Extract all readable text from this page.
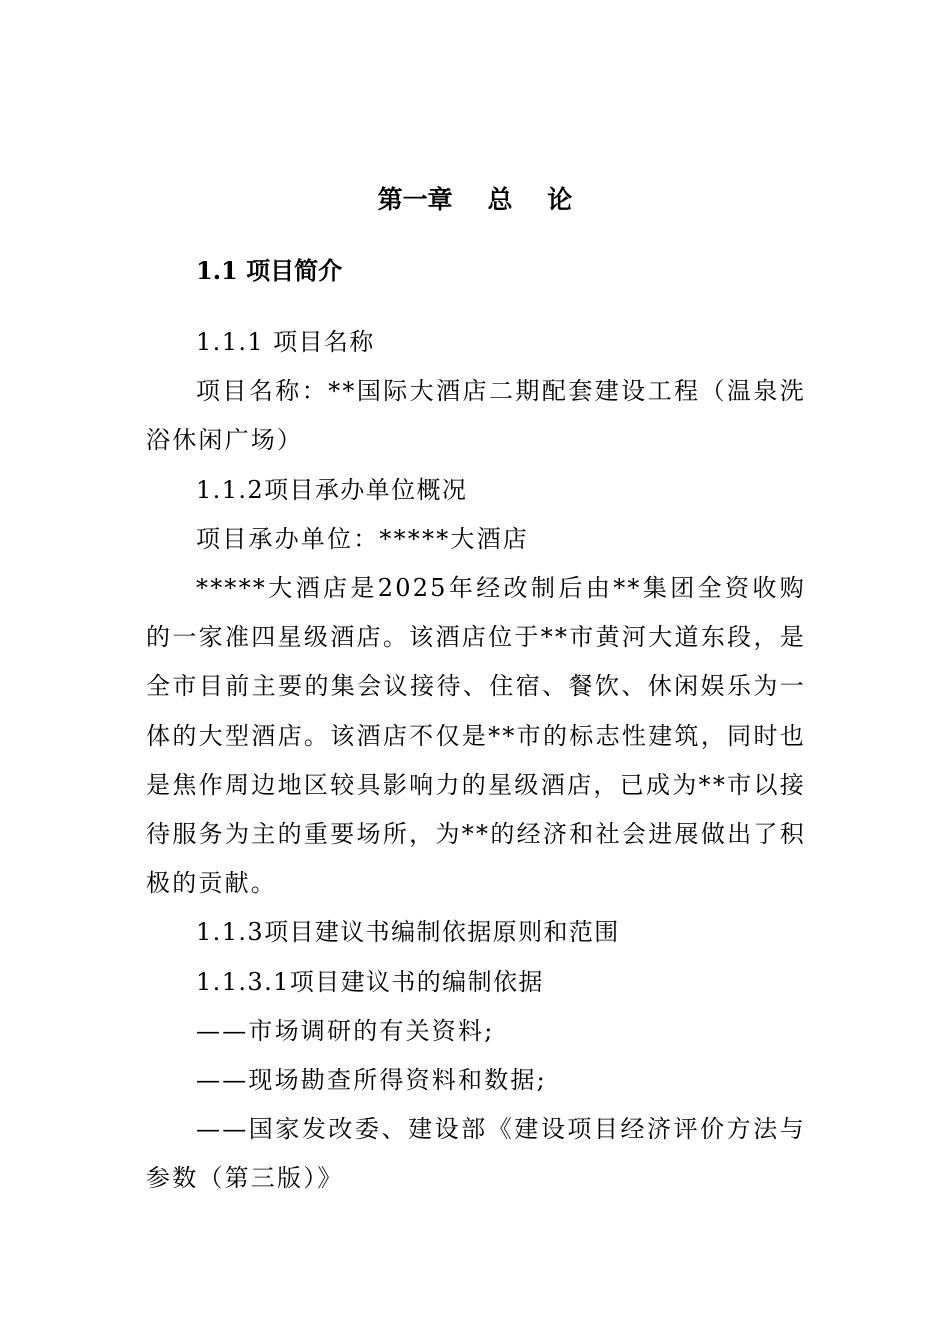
第一章    总    论
1.1 项目简介

1.1.1 项目名称

项目名称：**国际大酒店二期配套建设工程（温泉洗浴休闲广场）

1.1.2项目承办单位概况

项目承办单位：*****大酒店

*****大酒店是2025年经改制后由**集团全资收购的一家准四星级酒店。该酒店位于**市黄河大道东段，是全市目前主要的集会议接待、住宿、餐饮、休闲娱乐为一体的大型酒店。该酒店不仅是**市的标志性建筑，同时也是焦作周边地区较具影响力的星级酒店，已成为**市以接待服务为主的重要场所，为**的经济和社会进展做出了积极的贡献。

1.1.3项目建议书编制依据原则和范围

1.1.3.1项目建议书的编制依据

——市场调研的有关资料;

——现场勘查所得资料和数据;

——国家发改委、建设部《建设项目经济评价方法与参数（第三版）》
